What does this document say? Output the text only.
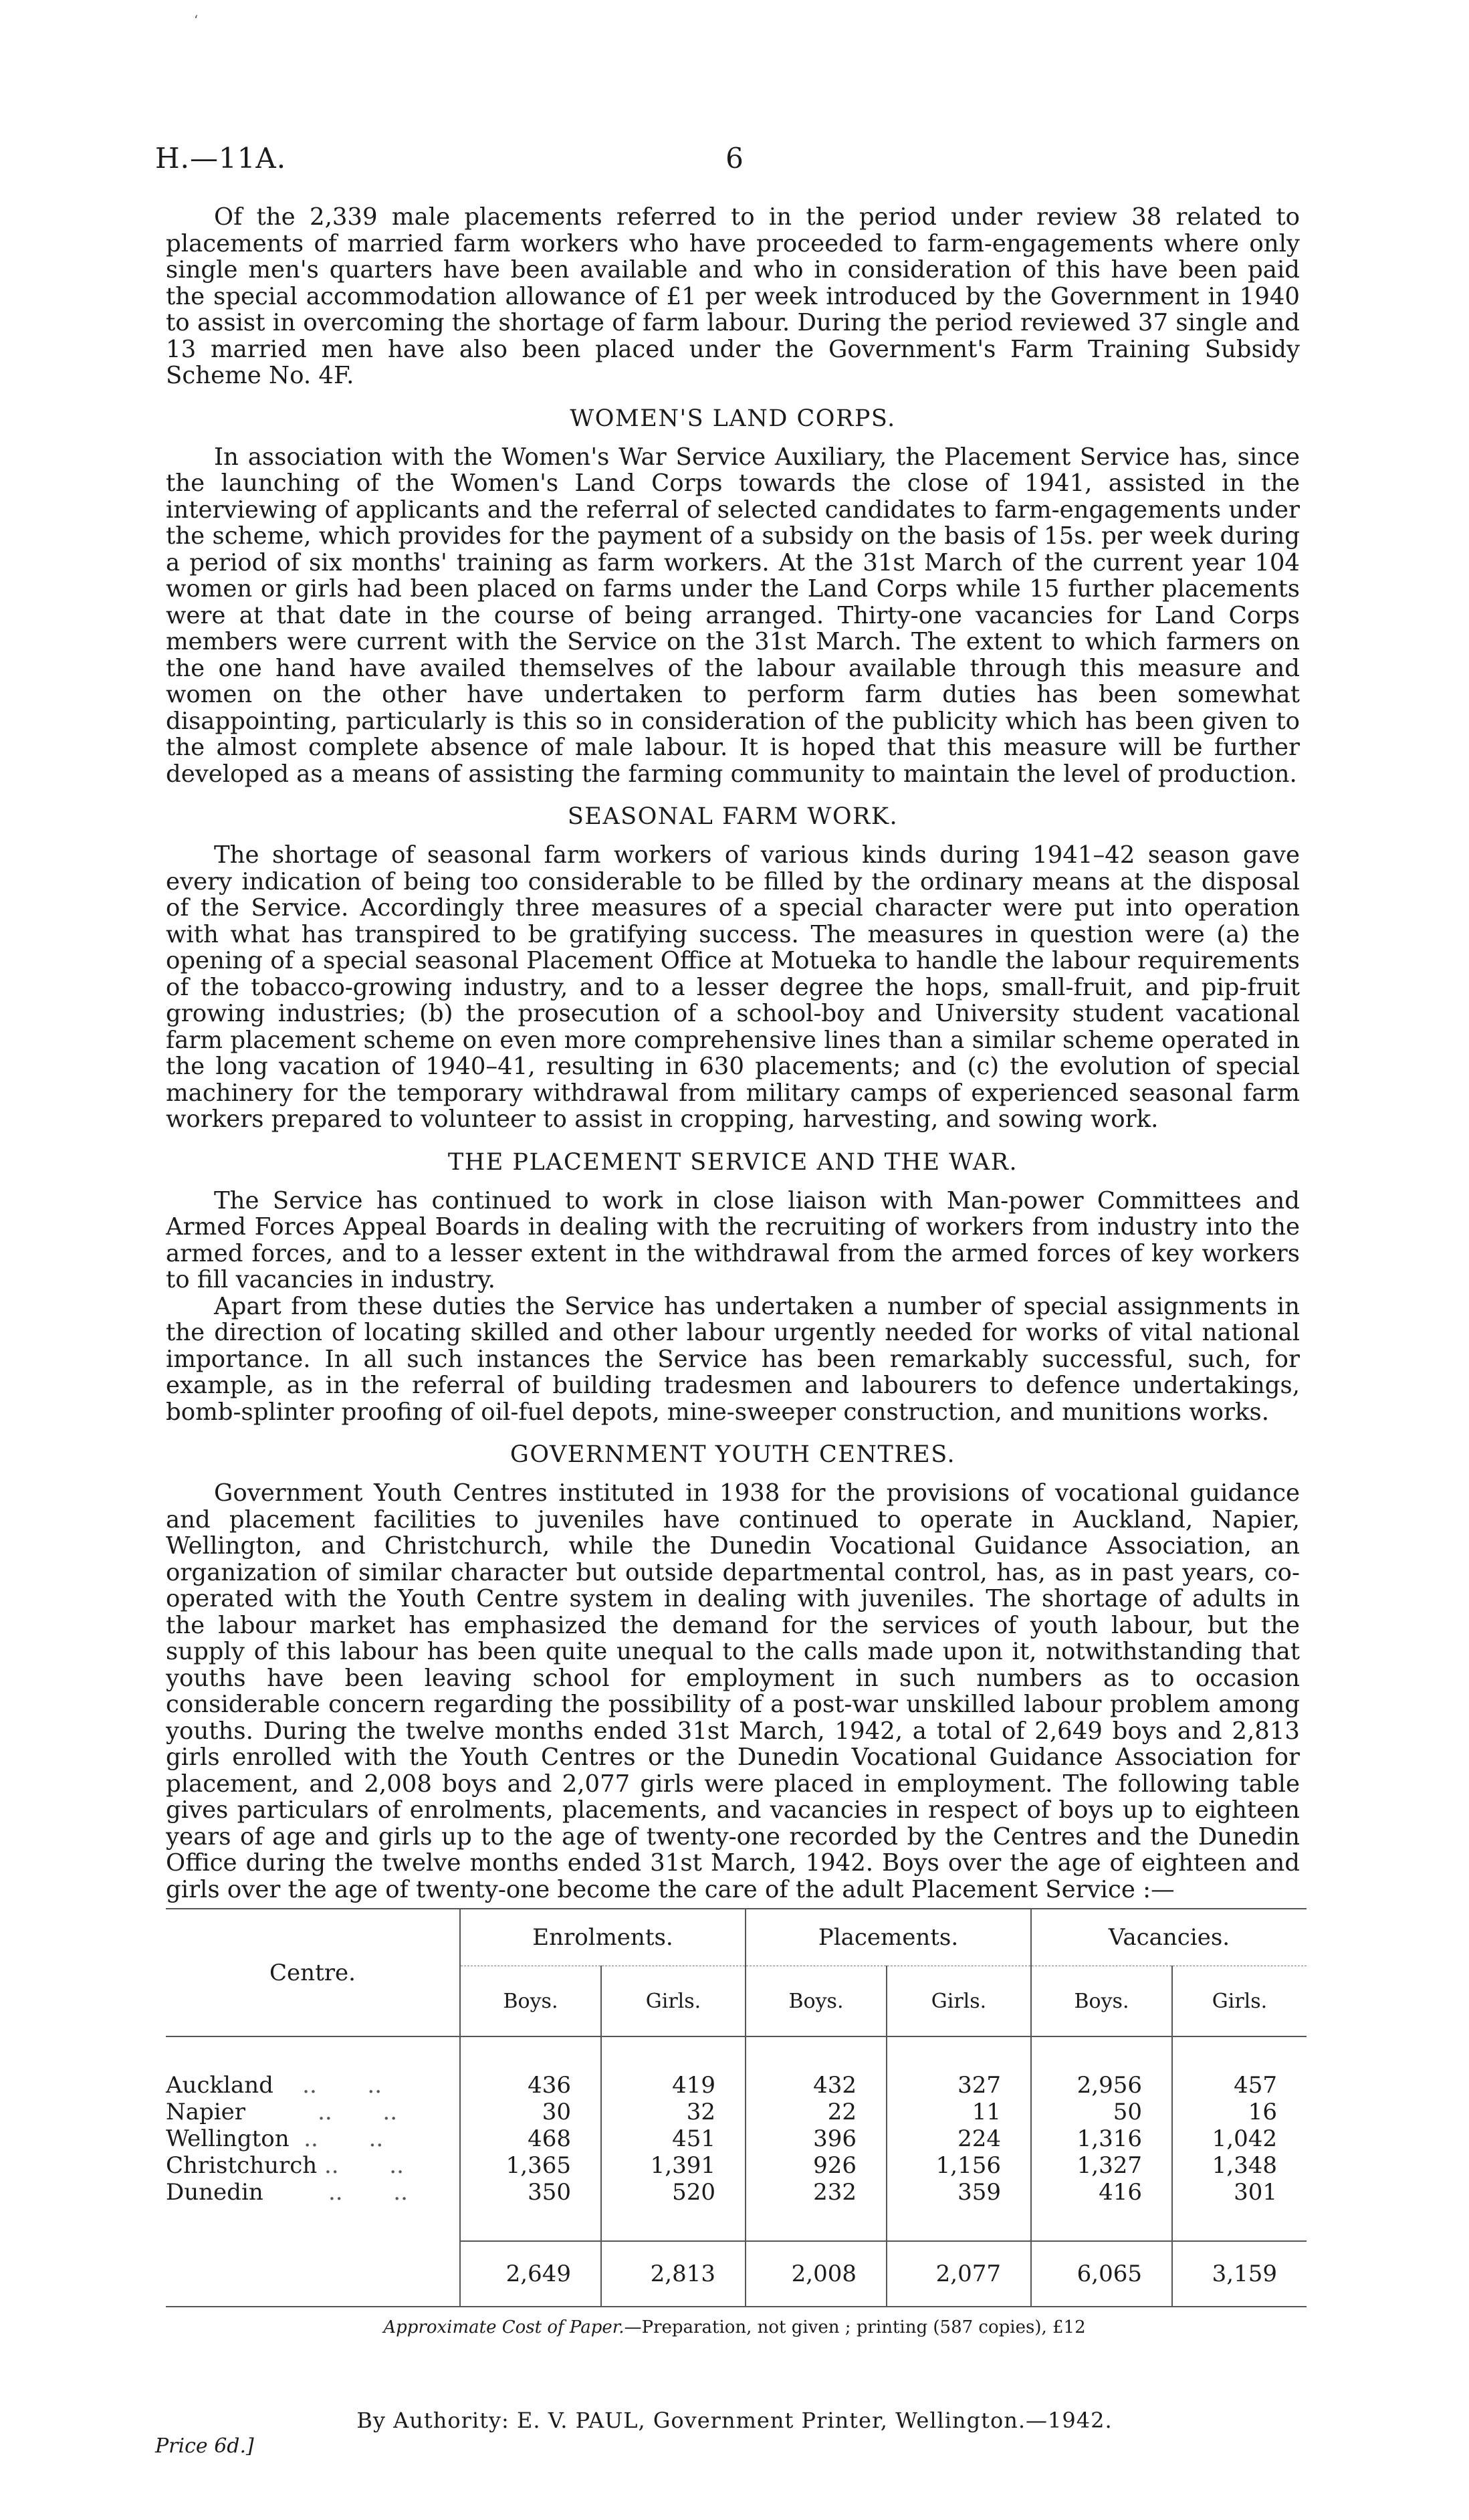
‘
H.—11A.	6

Of the 2,339 male placements referred to in the period under review 38 related to placements of married farm workers who have proceeded to farm-engagements where only single men's quarters have been available and who in consideration of this have been paid the special accommodation allowance of £1 per week introduced by the Government in 1940 to assist in overcoming the shortage of farm labour. During the period reviewed 37 single and 13 married men have also been placed under the Government's Farm Training Subsidy Scheme No. 4F.

WOMEN'S LAND CORPS.

In association with the Women's War Service Auxiliary, the Placement Service has, since the launching of the Women's Land Corps towards the close of 1941, assisted in the interviewing of applicants and the referral of selected candidates to farm-engagements under the scheme, which provides for the payment of a subsidy on the basis of 15s. per week during a period of six months' training as farm workers. At the 31st March of the current year 104 women or girls had been placed on farms under the Land Corps while 15 further placements were at that date in the course of being arranged. Thirty-one vacancies for Land Corps members were current with the Service on the 31st March. The extent to which farmers on the one hand have availed themselves of the labour available through this measure and women on the other have undertaken to perform farm duties has been somewhat disappointing, particularly is this so in consideration of the publicity which has been given to the almost complete absence of male labour. It is hoped that this measure will be further developed as a means of assisting the farming community to maintain the level of production.

SEASONAL FARM WORK.

The shortage of seasonal farm workers of various kinds during 1941–42 season gave every indication of being too considerable to be filled by the ordinary means at the disposal of the Service. Accordingly three measures of a special character were put into operation with what has transpired to be gratifying success. The measures in question were (a) the opening of a special seasonal Placement Office at Motueka to handle the labour requirements of the tobacco-growing industry, and to a lesser degree the hops, small-fruit, and pip-fruit growing industries; (b) the prosecution of a school-boy and University student vacational farm placement scheme on even more comprehensive lines than a similar scheme operated in the long vacation of 1940–41, resulting in 630 placements; and (c) the evolution of special machinery for the temporary withdrawal from military camps of experienced seasonal farm workers prepared to volunteer to assist in cropping, harvesting, and sowing work.

THE PLACEMENT SERVICE AND THE WAR.

The Service has continued to work in close liaison with Man-power Committees and Armed Forces Appeal Boards in dealing with the recruiting of workers from industry into the armed forces, and to a lesser extent in the withdrawal from the armed forces of key workers to fill vacancies in industry.

Apart from these duties the Service has undertaken a number of special assignments in the direction of locating skilled and other labour urgently needed for works of vital national importance. In all such instances the Service has been remarkably successful, such, for example, as in the referral of building tradesmen and labourers to defence undertakings, bomb-splinter proofing of oil-fuel depots, mine-sweeper construction, and munitions works.

GOVERNMENT YOUTH CENTRES.

Government Youth Centres instituted in 1938 for the provisions of vocational guidance and placement facilities to juveniles have continued to operate in Auckland, Napier, Wellington, and Christchurch, while the Dunedin Vocational Guidance Association, an organization of similar character but outside departmental control, has, as in past years, co-operated with the Youth Centre system in dealing with juveniles. The shortage of adults in the labour market has emphasized the demand for the services of youth labour, but the supply of this labour has been quite unequal to the calls made upon it, notwithstanding that youths have been leaving school for employment in such numbers as to occasion considerable concern regarding the possibility of a post-war unskilled labour problem among youths. During the twelve months ended 31st March, 1942, a total of 2,649 boys and 2,813 girls enrolled with the Youth Centres or the Dunedin Vocational Guidance Association for placement, and 2,008 boys and 2,077 girls were placed in employment. The following table gives particulars of enrolments, placements, and vacancies in respect of boys up to eighteen years of age and girls up to the age of twenty-one recorded by the Centres and the Dunedin Office during the twelve months ended 31st March, 1942. Boys over the age of eighteen and girls over the age of twenty-one become the care of the adult Placement Service :—

Centre.	Enrolments.		Placements.		Vacancies.	
	Boys.	Girls.	Boys.	Girls.	Boys.	Girls.

Auckland .. ..	436	419	432	327	2,956	457
Napier .. ..	30	32	22	11	50	16
Wellington .. ..	468	451	396	224	1,316	1,042
Christchurch .. ..	1,365	1,391	926	1,156	1,327	1,348
Dunedin .. ..	350	520	232	359	416	301

	2,649	2,813	2,008	2,077	6,065	3,159
Approximate Cost of Paper.—Preparation, not given ; printing (587 copies), £12
By Authority: E. V. PAUL, Government Printer, Wellington.—1942.
Price 6d.]
